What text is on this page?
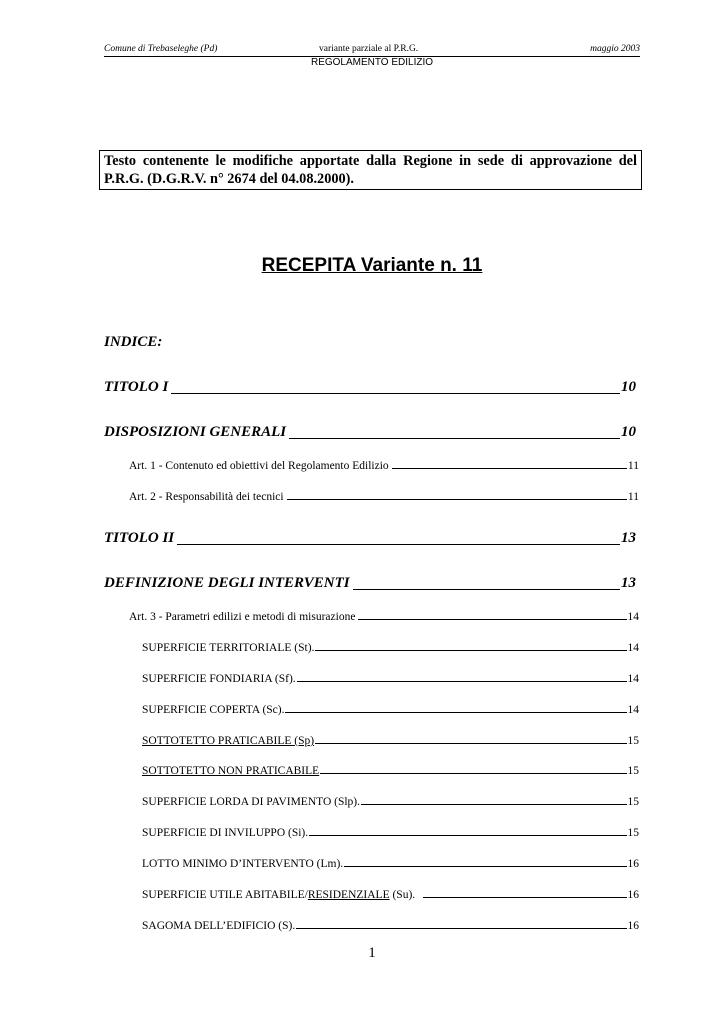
Comune di Trebaseleghe (Pd)	variante parziale al P.R.G.	maggio 2003
REGOLAMENTO EDILIZIO
Testo contenente le modifiche apportate dalla Regione in sede di approvazione del
P.R.G. (D.G.R.V. n° 2674 del 04.08.2000).
RECEPITA Variante n. 11
INDICE:
TITOLO I	10
DISPOSIZIONI GENERALI	10
Art. 1 - Contenuto ed obiettivi del Regolamento Edilizio	11
Art. 2 - Responsabilità dei tecnici	11
TITOLO II	13
DEFINIZIONE DEGLI INTERVENTI	13
Art. 3 - Parametri edilizi e metodi di misurazione	14
SUPERFICIE TERRITORIALE (St).	14
SUPERFICIE FONDIARIA (Sf).	14
SUPERFICIE COPERTA (Sc).	14
SOTTOTETTO PRATICABILE (Sp)	15
SOTTOTETTO NON PRATICABILE	15
SUPERFICIE LORDA DI PAVIMENTO (Slp).	15
SUPERFICIE DI INVILUPPO (Si).	15
LOTTO MINIMO D’INTERVENTO (Lm).	16
SUPERFICIE UTILE ABITABILE/RESIDENZIALE (Su).	16
SAGOMA DELL’EDIFICIO (S).	16
1
